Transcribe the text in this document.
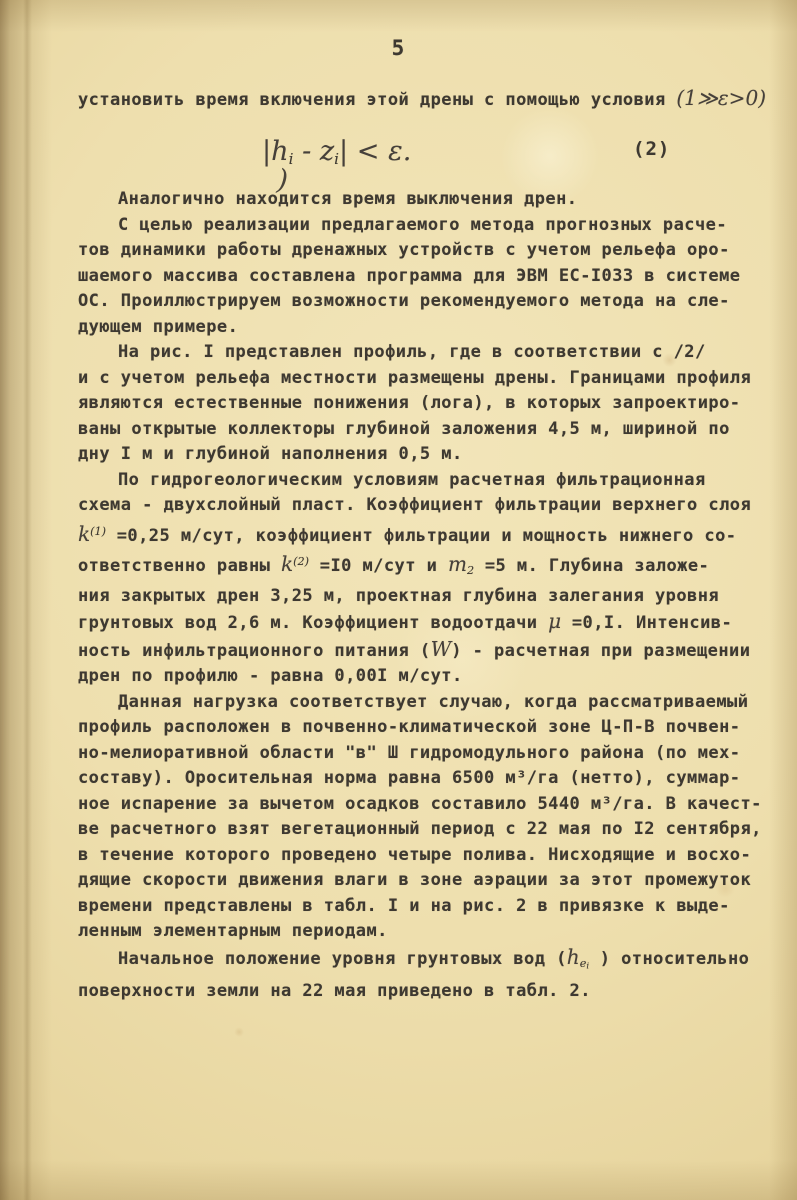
5
установить время включения этой дрены с помощью условия (1≫ε>0)
|hi - zi| < ε.	(2)
)
Аналогично находится время выключения дрен.
С целью реализации предлагаемого метода прогнозных расче-
тов динамики работы дренажных устройств с учетом рельефа оро-
шаемого массива составлена программа для ЭВМ ЕС-I033 в системе
ОС. Проиллюстрируем возможности рекомендуемого метода на сле-
дующем примере.
На рис. I представлен профиль, где в соответствии с /2/
и с учетом рельефа местности размещены дрены. Границами профиля
являются естественные понижения (лога), в которых запроектиро-
ваны открытые коллекторы глубиной заложения 4,5 м, шириной по
дну I м и глубиной наполнения 0,5 м.
По гидрогеологическим условиям расчетная фильтрационная
схема - двухслойный пласт. Коэффициент фильтрации верхнего слоя
$k^{(1)} =0,25$ м/сут, коэффициент фильтрации и мощность нижнего со-
ответственно равны $k^{(2)} =I0$ м/сут и m2 =5 м. Глубина заложе-
ния закрытых дрен 3,25 м, проектная глубина залегания уровня
грунтовых вод 2,6 м. Коэффициент водоотдачи μ =0,I. Интенсив-
ность инфильтрационного питания (W) - расчетная при размещении
дрен по профилю - равна 0,00I м/сут.
Данная нагрузка соответствует случаю, когда рассматриваемый
профиль расположен в почвенно-климатической зоне Ц-П-В почвен-
но-мелиоративной области "в" Ш гидромодульного района (по мех-
составу). Оросительная норма равна 6500 м³/га (нетто), суммар-
ное испарение за вычетом осадков составило 5440 м³/га. В качест-
ве расчетного взят вегетационный период с 22 мая по I2 сентября,
в течение которого проведено четыре полива. Нисходящие и восхо-
дящие скорости движения влаги в зоне аэрации за этот промежуток
времени представлены в табл. I и на рис. 2 в привязке к выде-
ленным элементарным периодам.
Начальное положение уровня грунтовых вод ($he_i$ ) относительно
поверхности земли на 22 мая приведено в табл. 2.
